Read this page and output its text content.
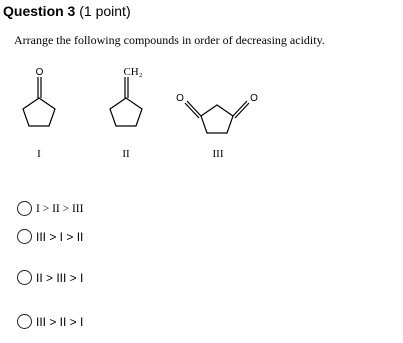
Question 3 (1 point)
Arrange the following compounds in order of decreasing acidity.
O	CH₂
O	O
I	II	III
I > II > III
III > I > II
II > III > I
III > II > I
